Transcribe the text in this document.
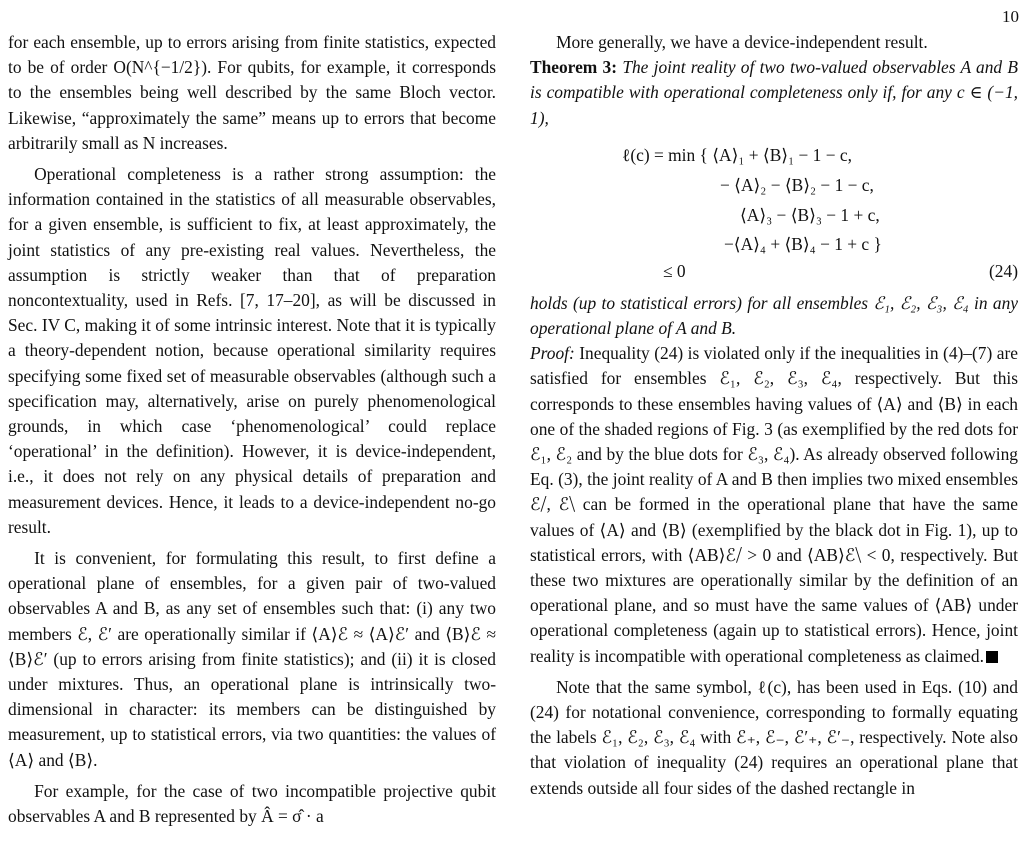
10

for each ensemble, up to errors arising from finite statistics, expected to be of order O(N^{−1/2}). For qubits, for example, it corresponds to the ensembles being well described by the same Bloch vector. Likewise, “approximately the same” means up to errors that become arbitrarily small as N increases.

Operational completeness is a rather strong assumption: the information contained in the statistics of all measurable observables, for a given ensemble, is sufficient to fix, at least approximately, the joint statistics of any pre-existing real values. Nevertheless, the assumption is strictly weaker than that of preparation noncontextuality, used in Refs. [7, 17–20], as will be discussed in Sec. IV C, making it of some intrinsic interest. Note that it is typically a theory-dependent notion, because operational similarity requires specifying some fixed set of measurable observables (although such a specification may, alternatively, arise on purely phenomenological grounds, in which case ‘phenomenological’ could replace ‘operational’ in the definition). However, it is device-independent, i.e., it does not rely on any physical details of preparation and measurement devices. Hence, it leads to a device-independent no-go result.

It is convenient, for formulating this result, to first define a operational plane of ensembles, for a given pair of two-valued observables A and B, as any set of ensembles such that: (i) any two members ℰ, ℰ′ are operationally similar if ⟨A⟩ℰ ≈ ⟨A⟩ℰ′ and ⟨B⟩ℰ ≈ ⟨B⟩ℰ′ (up to errors arising from finite statistics); and (ii) it is closed under mixtures. Thus, an operational plane is intrinsically two-dimensional in character: its members can be distinguished by measurement, up to statistical errors, via two quantities: the values of ⟨A⟩ and ⟨B⟩.

For example, for the case of two incompatible projective qubit observables A and B represented by Â = σ̂ · a

More generally, we have a device-independent result.

Theorem 3: The joint reality of two two-valued observables A and B is compatible with operational completeness only if, for any c ∈ (−1, 1),

ℓ(c) = min { ⟨A⟩₁ + ⟨B⟩₁ − 1 − c,
− ⟨A⟩₂ − ⟨B⟩₂ − 1 − c,
⟨A⟩₃ − ⟨B⟩₃ − 1 + c,
−⟨A⟩₄ + ⟨B⟩₄ − 1 + c }
≤ 0	(24)

holds (up to statistical errors) for all ensembles ℰ₁, ℰ₂, ℰ₃, ℰ₄ in any operational plane of A and B.

Proof: Inequality (24) is violated only if the inequalities in (4)–(7) are satisfied for ensembles ℰ₁, ℰ₂, ℰ₃, ℰ₄, respectively. But this corresponds to these ensembles having values of ⟨A⟩ and ⟨B⟩ in each one of the shaded regions of Fig. 3 (as exemplified by the red dots for ℰ₁, ℰ₂ and by the blue dots for ℰ₃, ℰ₄). As already observed following Eq. (3), the joint reality of A and B then implies two mixed ensembles ℰ⧸, ℰ⧹ can be formed in the operational plane that have the same values of ⟨A⟩ and ⟨B⟩ (exemplified by the black dot in Fig. 1), up to statistical errors, with ⟨AB⟩ℰ⧸ > 0 and ⟨AB⟩ℰ⧹ < 0, respectively. But these two mixtures are operationally similar by the definition of an operational plane, and so must have the same values of ⟨AB⟩ under operational completeness (again up to statistical errors). Hence, joint reality is incompatible with operational completeness as claimed.

Note that the same symbol, ℓ(c), has been used in Eqs. (10) and (24) for notational convenience, corresponding to formally equating the labels ℰ₁, ℰ₂, ℰ₃, ℰ₄ with ℰ₊, ℰ₋, ℰ′₊, ℰ′₋, respectively. Note also that violation of inequality (24) requires an operational plane that extends outside all four sides of the dashed rectangle in
